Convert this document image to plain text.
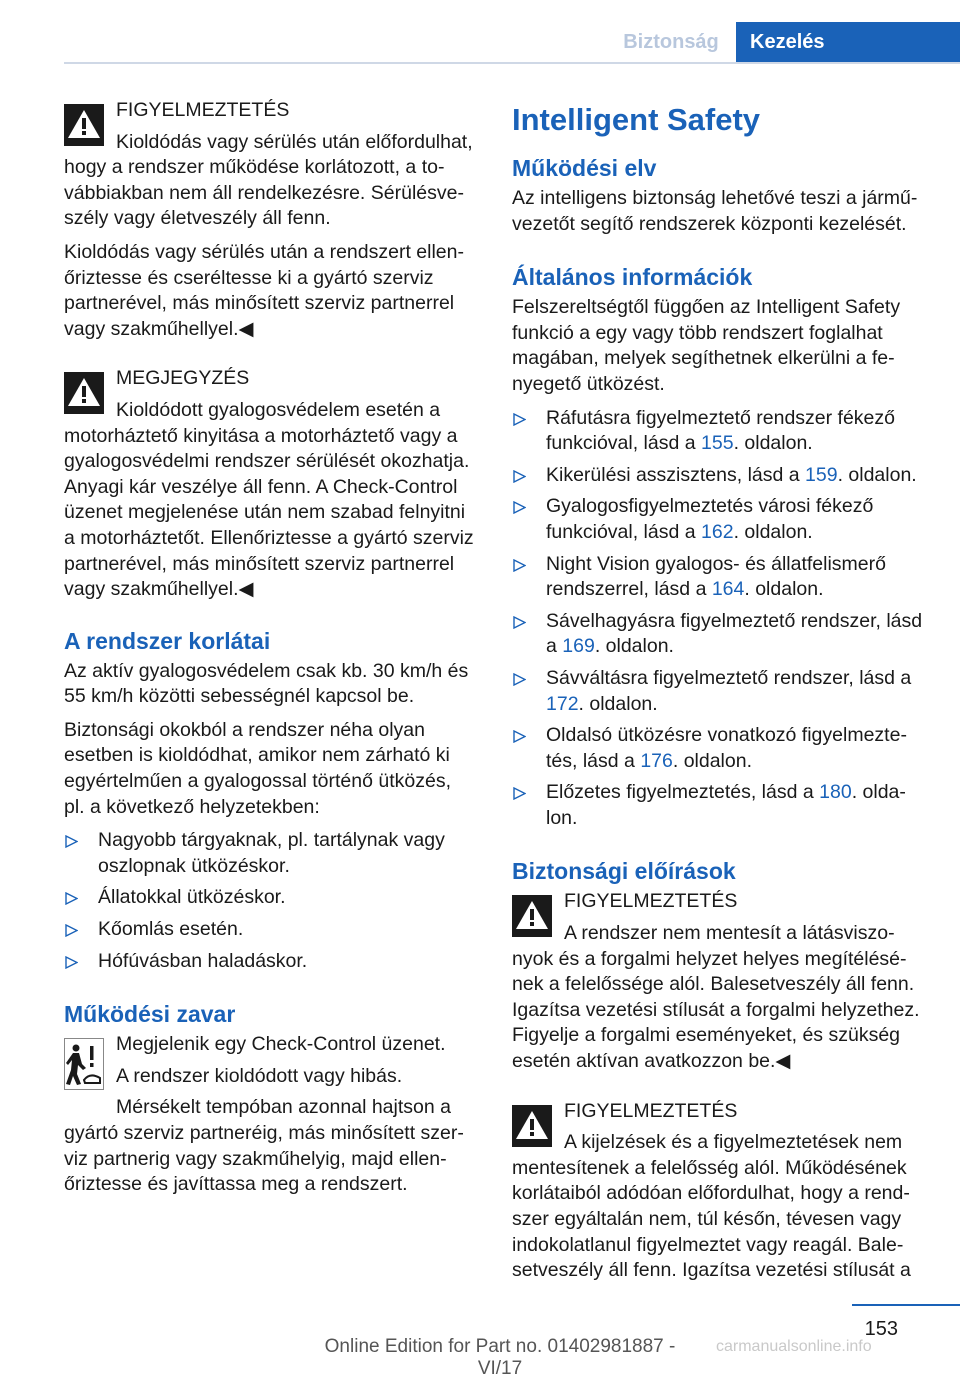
Biztonság	Kezelés

FIGYELMEZTETÉS

Kioldódás vagy sérülés után előfordulhat,

hogy a rendszer működése korlátozott, a továbbiakban nem áll rendelkezésre. Sérülésveszély vagy életveszély áll fenn.

Kioldódás vagy sérülés után a rendszert ellenőriztesse és cseréltesse ki a gyártó szerviz partnerével, más minősített szerviz partnerrel vagy szakműhellyel.◀

MEGJEGYZÉS

Kioldódott gyalogosvédelem esetén a

motorháztető kinyitása a motorháztető vagy a gyalogosvédelmi rendszer sérülését okozhatja. Anyagi kár veszélye áll fenn. A Check-Control üzenet megjelenése után nem szabad felnyitni a motorháztetőt. Ellenőriztesse a gyártó szerviz partnerével, más minősített szerviz partnerrel vagy szakműhellyel.◀

A rendszer korlátai

Az aktív gyalogosvédelem csak kb. 30 km/h és 55 km/h közötti sebességnél kapcsol be.

Biztonsági okokból a rendszer néha olyan esetben is kioldódhat, amikor nem zárható ki egyértelműen a gyalogossal történő ütközés, pl. a következő helyzetekben:

Nagyobb tárgyaknak, pl. tartálynak vagy oszlopnak ütközéskor.
Állatokkal ütközéskor.
Kőomlás esetén.
Hófúvásban haladáskor.
Működési zavar

Megjelenik egy Check-Control üzenet.

A rendszer kioldódott vagy hibás.

Mérsékelt tempóban azonnal hajtson a

gyártó szerviz partneréig, más minősített szerviz partnerig vagy szakműhelyig, majd ellenőriztesse és javíttassa meg a rendszert.

Intelligent Safety
Működési elv

Az intelligens biztonság lehetővé teszi a járművezetőt segítő rendszerek központi kezelését.

Általános információk

Felszereltségtől függően az Intelligent Safety funkció a egy vagy több rendszert foglalhat magában, melyek segíthetnek elkerülni a fenyegető ütközést.

Ráfutásra figyelmeztető rendszer fékező funkcióval, lásd a 155. oldalon.
Kikerülési asszisztens, lásd a 159. oldalon.
Gyalogosfigyelmeztetés városi fékező funkcióval, lásd a 162. oldalon.
Night Vision gyalogos- és állatfelismerő rendszerrel, lásd a 164. oldalon.
Sávelhagyásra figyelmeztető rendszer, lásd a 169. oldalon.
Sávváltásra figyelmeztető rendszer, lásd a 172. oldalon.
Oldalsó ütközésre vonatkozó figyelmeztetés, lásd a 176. oldalon.
Előzetes figyelmeztetés, lásd a 180. oldalon.
Biztonsági előírások

FIGYELMEZTETÉS

A rendszer nem mentesít a látásviszo-

nyok és a forgalmi helyzet helyes megítélésének a felelőssége alól. Balesetveszély áll fenn. Igazítsa vezetési stílusát a forgalmi helyzethez. Figyelje a forgalmi eseményeket, és szükség esetén aktívan avatkozzon be.◀

FIGYELMEZTETÉS

A kijelzések és a figyelmeztetések nem

mentesítenek a felelősség alól. Működésének korlátaiból adódóan előfordulhat, hogy a rendszer egyáltalán nem, túl későn, tévesen vagy indokolatlanul figyelmeztet vagy reagál. Balesetveszély áll fenn. Igazítsa vezetési stílusát a

153
Online Edition for Part no. 01402981887 - VI/17
carmanualsonline.info
